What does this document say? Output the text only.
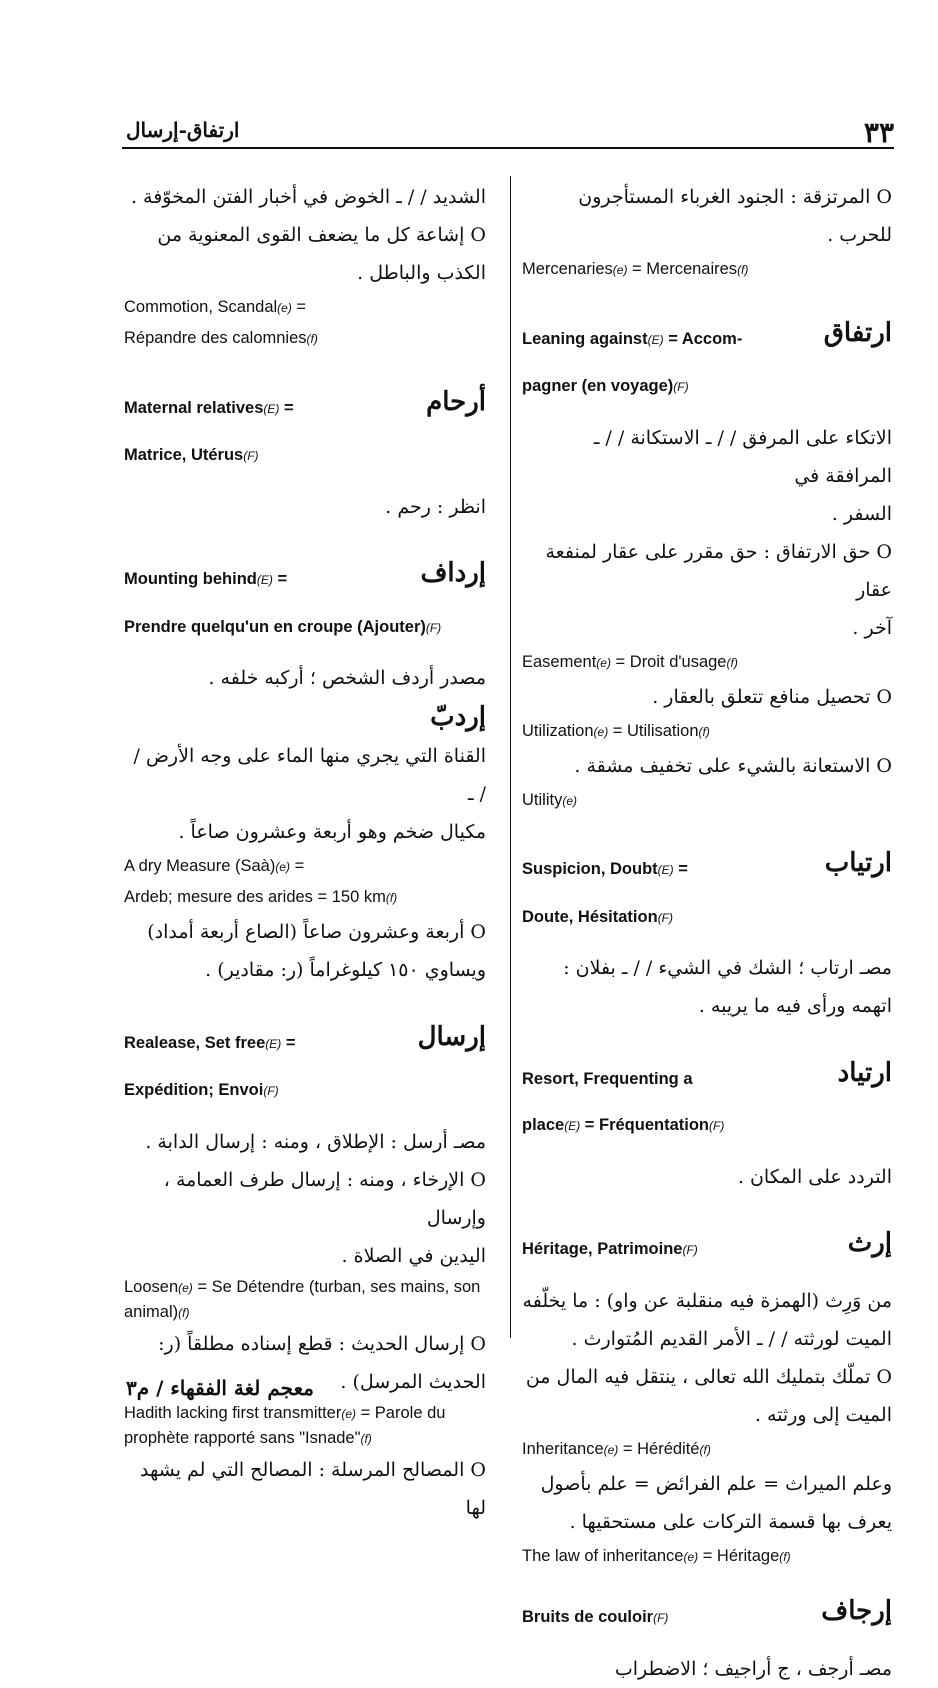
٣٣
ارتفاق-إرسال

O المرتزقة : الجنود الغرباء المستأجرون للحرب .

Mercenaries(e) = Mercenaires(f)

ارتفاق

Leaning against(E) = Accom-

pagner (en voyage)(F)

الاتكاء على المرفق / / ـ الاستكانة / / ـ المرافقة في

السفر .

O حق الارتفاق : حق مقرر على عقار لمنفعة عقار

آخر .

Easement(e) = Droit d'usage(f)

O تحصيل منافع تتعلق بالعقار .

Utilization(e) = Utilisation(f)

O الاستعانة بالشيء على تخفيف مشقة .

Utility(e)

ارتياب

Suspicion, Doubt(E) =

Doute, Hésitation(F)

مصـ ارتاب ؛ الشك في الشيء / / ـ بفلان :

اتهمه ورأى فيه ما يريبه .

ارتياد

Resort, Frequenting a

place(E) = Fréquentation(F)

التردد على المكان .

إرث

Héritage, Patrimoine(F)

من وَرِث (الهمزة فيه منقلبة عن واو) : ما يخلّفه

الميت لورثته / / ـ الأمر القديم المُتوارث .

O تملّك بتمليك الله تعالى ، ينتقل فيه المال من

الميت إلى ورثته .

Inheritance(e) = Hérédité(f)

وعلم الميراث = علم الفرائض = علم بأصول

يعرف بها قسمة التركات على مستحقيها .

The law of inheritance(e) = Héritage(f)

إرجاف

Bruits de couloir(F)

مصـ أرجف ، ج أراجيف ؛ الاضطراب

الشديد / / ـ الخوض في أخبار الفتن المخوّفة .

O إشاعة كل ما يضعف القوى المعنوية من

الكذب والباطل .

Commotion, Scandal(e) =

Répandre des calomnies(f)

أرحام

Maternal relatives(E) =

Matrice, Utérus(F)

انظر : رحم .

إرداف

Mounting behind(E) =

Prendre quelqu'un en croupe (Ajouter)(F)

مصدر أردف الشخص ؛ أركبه خلفه .

إردبّ

القناة التي يجري منها الماء على وجه الأرض / / ـ

مكيال ضخم وهو أربعة وعشرون صاعاً .

A dry Measure (Saà)(e) =

Ardeb; mesure des arides = 150 km(f)

O أربعة وعشرون صاعاً (الصاع أربعة أمداد)

ويساوي ١٥٠ كيلوغراماً (ر: مقادير) .

إرسال

Realease, Set free(E) =

Expédition; Envoi(F)

مصـ أرسل : الإطلاق ، ومنه : إرسال الدابة .

O الإرخاء ، ومنه : إرسال طرف العمامة ، وإرسال

اليدين في الصلاة .

Loosen(e) = Se Détendre (turban, ses mains, son animal)(f)

O إرسال الحديث : قطع إسناده مطلقاً (ر:

الحديث المرسل) .

Hadith lacking first transmitter(e) = Parole du prophète rapporté sans "Isnade"(f)

O المصالح المرسلة : المصالح التي لم يشهد لها

معجم لغة الفقهاء / م٣
